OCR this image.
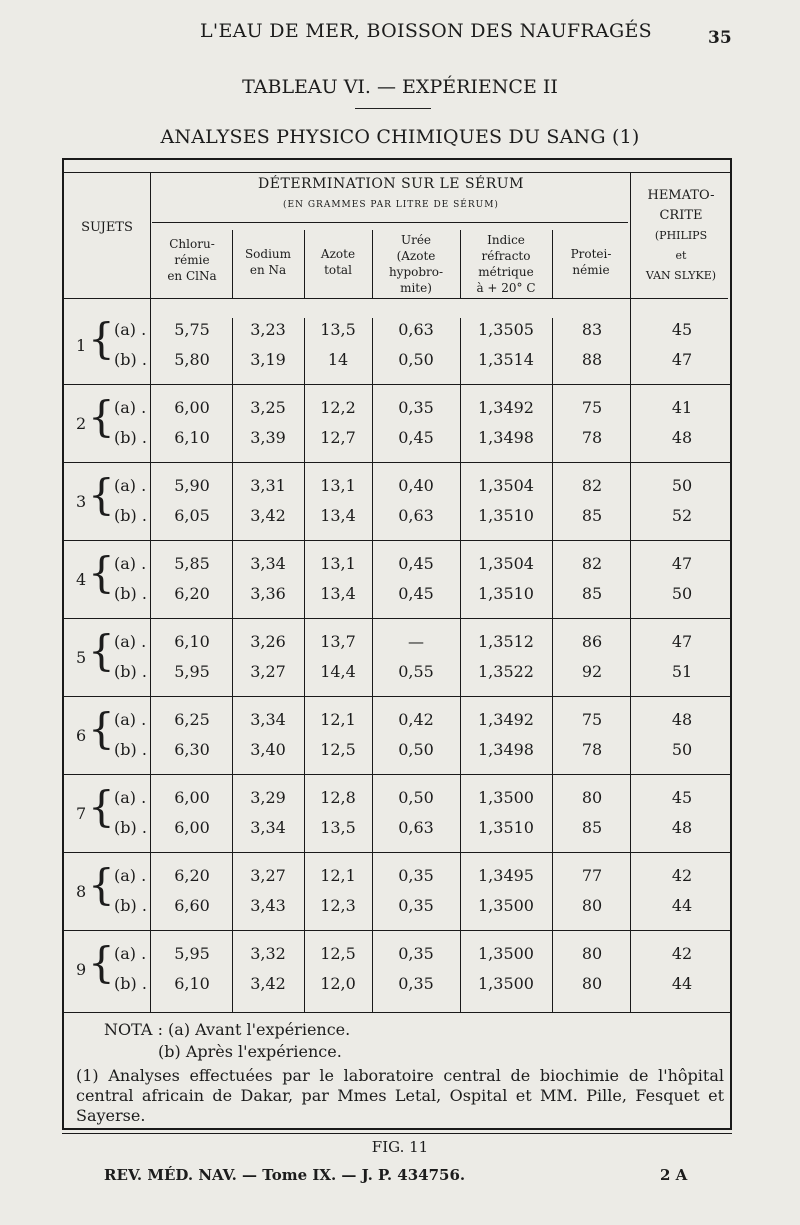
L'EAU DE MER, BOISSON DES NAUFRAGÉS	35
TABLEAU VI. — EXPÉRIENCE II
ANALYSES PHYSICO CHIMIQUES DU SANG (1)
SUJETS
DÉTERMINATION SUR LE SÉRUM
(EN GRAMMES PAR LITRE DE SÉRUM)
Chloru-
rémie
en ClNa
Sodium
en Na
Azote
total
Urée
(Azote
hypobro-
mite)
Indice
réfracto
métrique
à + 20° C
Protei-
némie
HEMATO-
CRITE
(PHILIPS
et
VAN SLYKE)
1 { (a) .	5,75	3,23	13,5	0,63	1,3505	83	45
(b) .	5,80	3,19	14	0,50	1,3514	88	47
2 { (a) .	6,00	3,25	12,2	0,35	1,3492	75	41
(b) .	6,10	3,39	12,7	0,45	1,3498	78	48
3 { (a) .	5,90	3,31	13,1	0,40	1,3504	82	50
(b) .	6,05	3,42	13,4	0,63	1,3510	85	52
4 { (a) .	5,85	3,34	13,1	0,45	1,3504	82	47
(b) .	6,20	3,36	13,4	0,45	1,3510	85	50
5 { (a) .	6,10	3,26	13,7	—	1,3512	86	47
(b) .	5,95	3,27	14,4	0,55	1,3522	92	51
6 { (a) .	6,25	3,34	12,1	0,42	1,3492	75	48
(b) .	6,30	3,40	12,5	0,50	1,3498	78	50
7 { (a) .	6,00	3,29	12,8	0,50	1,3500	80	45
(b) .	6,00	3,34	13,5	0,63	1,3510	85	48
8 { (a) .	6,20	3,27	12,1	0,35	1,3495	77	42
(b) .	6,60	3,43	12,3	0,35	1,3500	80	44
9 { (a) .	5,95	3,32	12,5	0,35	1,3500	80	42
(b) .	6,10	3,42	12,0	0,35	1,3500	80	44
NOTA : (a) Avant l'expérience.
(b) Après l'expérience.
(1) Analyses effectuées par le laboratoire central de biochimie de l'hôpital central africain de Dakar, par Mmes Letal, Ospital et MM. Pille, Fesquet et Sayerse.
FIG. 11
REV. MÉD. NAV. — Tome IX. — J. P. 434756.	2 A
